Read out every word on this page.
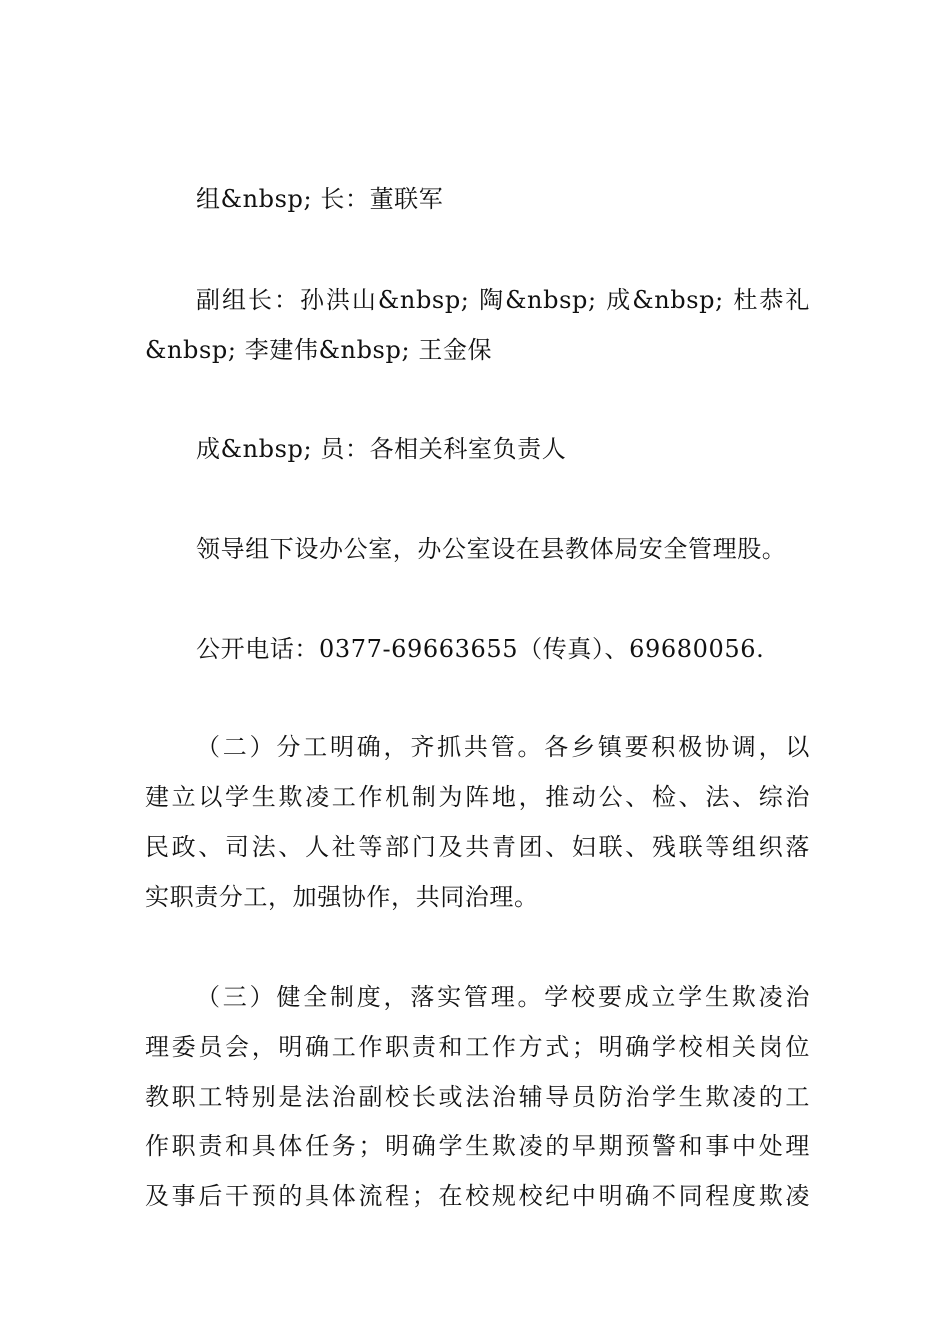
组&nbsp; 长：董联军
副组长：孙洪山&nbsp; 陶&nbsp; 成&nbsp; 杜恭礼
&nbsp; 李建伟&nbsp; 王金保
成&nbsp; 员：各相关科室负责人
领导组下设办公室，办公室设在县教体局安全管理股。
公开电话：0377-69663655（传真）、69680056.
（二）分工明确，齐抓共管。各乡镇要积极协调，以
建立以学生欺凌工作机制为阵地，推动公、检、法、综治
民政、司法、人社等部门及共青团、妇联、残联等组织落
实职责分工，加强协作，共同治理。
（三）健全制度，落实管理。学校要成立学生欺凌治
理委员会，明确工作职责和工作方式；明确学校相关岗位
教职工特别是法治副校长或法治辅导员防治学生欺凌的工
作职责和具体任务；明确学生欺凌的早期预警和事中处理
及事后干预的具体流程；在校规校纪中明确不同程度欺凌
